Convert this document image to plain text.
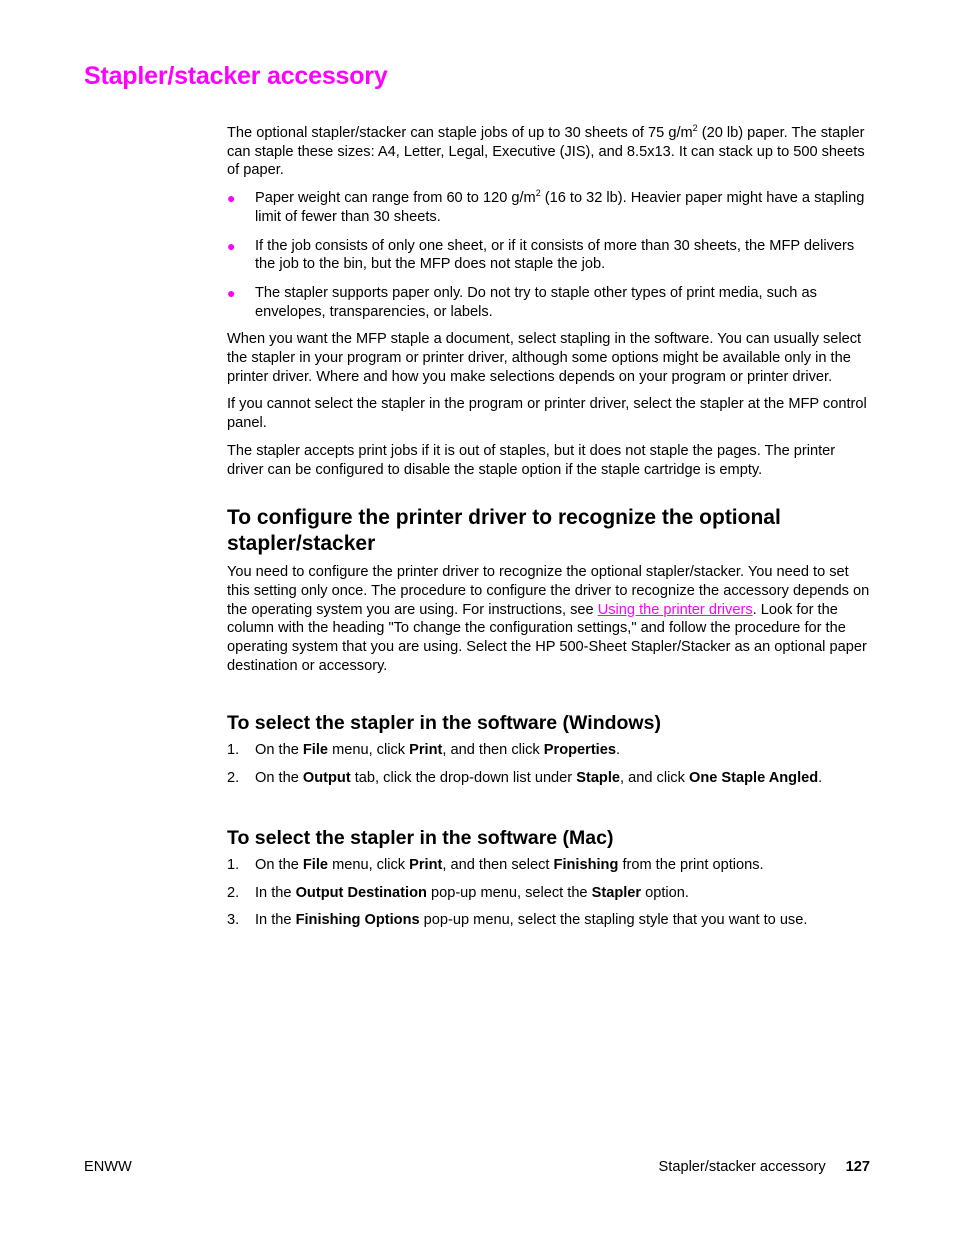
Stapler/stacker accessory

The optional stapler/stacker can staple jobs of up to 30 sheets of 75 $g/m^2$ (20 lb) paper. The stapler can staple these sizes: A4, Letter, Legal, Executive (JIS), and 8.5x13. It can stack up to 500 sheets of paper.

● Paper weight can range from 60 to 120 $g/m^2$ (16 to 32 lb). Heavier paper might have a stapling limit of fewer than 30 sheets.
● If the job consists of only one sheet, or if it consists of more than 30 sheets, the MFP delivers the job to the bin, but the MFP does not staple the job.
● The stapler supports paper only. Do not try to staple other types of print media, such as envelopes, transparencies, or labels.

When you want the MFP staple a document, select stapling in the software. You can usually select the stapler in your program or printer driver, although some options might be available only in the printer driver. Where and how you make selections depends on your program or printer driver.

If you cannot select the stapler in the program or printer driver, select the stapler at the MFP control panel.

The stapler accepts print jobs if it is out of staples, but it does not staple the pages. The printer driver can be configured to disable the staple option if the staple cartridge is empty.

To configure the printer driver to recognize the optional stapler/stacker

You need to configure the printer driver to recognize the optional stapler/stacker. You need to set this setting only once. The procedure to configure the driver to recognize the accessory depends on the operating system you are using. For instructions, see Using the printer drivers. Look for the column with the heading "To change the configuration settings," and follow the procedure for the operating system that you are using. Select the HP 500-Sheet Stapler/Stacker as an optional paper destination or accessory.

To select the stapler in the software (Windows)
1. On the File menu, click Print, and then click Properties.
2. On the Output tab, click the drop-down list under Staple, and click One Staple Angled.
To select the stapler in the software (Mac)
1. On the File menu, click Print, and then select Finishing from the print options.
2. In the Output Destination pop-up menu, select the Stapler option.
3. In the Finishing Options pop-up menu, select the stapling style that you want to use.
ENWW	Stapler/stacker accessory 127
